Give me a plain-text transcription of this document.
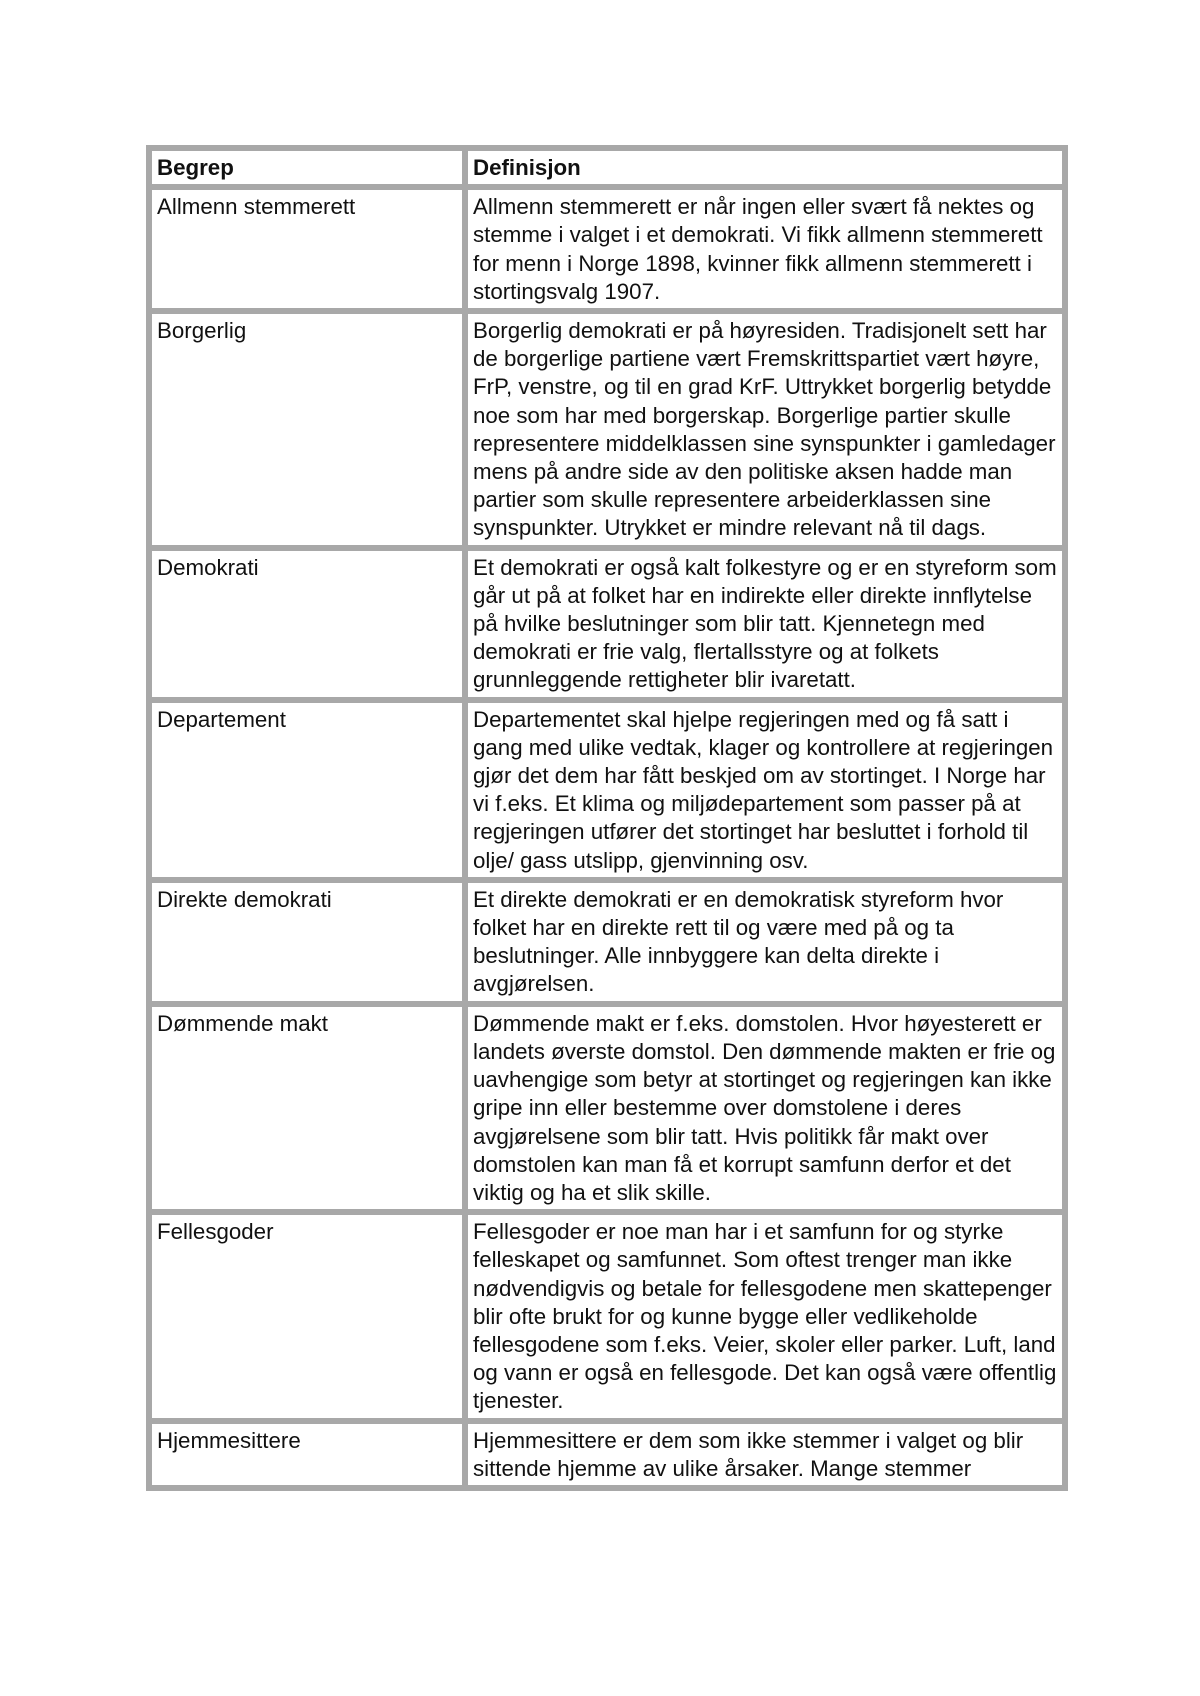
Begrep	Definisjon
Allmenn stemmerett	Allmenn stemmerett er når ingen eller svært få nektes og stemme i valget i et demokrati. Vi fikk allmenn stemmerett for menn i Norge 1898, kvinner fikk allmenn stemmerett i stortingsvalg 1907.
Borgerlig	Borgerlig demokrati er på høyresiden. Tradisjonelt sett har de borgerlige partiene vært Fremskrittspartiet vært høyre, FrP, venstre, og til en grad KrF. Uttrykket borgerlig betydde noe som har med borgerskap. Borgerlige partier skulle representere middelklassen sine synspunkter i gamledager mens på andre side av den politiske aksen hadde man partier som skulle representere arbeiderklassen sine synspunkter. Utrykket er mindre relevant nå til dags.
Demokrati	Et demokrati er også kalt folkestyre og er en styreform som går ut på at folket har en indirekte eller direkte innflytelse på hvilke beslutninger som blir tatt. Kjennetegn med demokrati er frie valg, flertallsstyre og at folkets grunnleggende rettigheter blir ivaretatt.
Departement	Departementet skal hjelpe regjeringen med og få satt i gang med ulike vedtak, klager og kontrollere at regjeringen gjør det dem har fått beskjed om av stortinget. I Norge har vi f.eks. Et klima og miljødepartement som passer på at regjeringen utfører det stortinget har besluttet i forhold til olje/ gass utslipp, gjenvinning osv.
Direkte demokrati	Et direkte demokrati er en demokratisk styreform hvor folket har en direkte rett til og være med på og ta beslutninger. Alle innbyggere kan delta direkte i avgjørelsen.
Dømmende makt	Dømmende makt er f.eks. domstolen. Hvor høyesterett er landets øverste domstol. Den dømmende makten er frie og uavhengige som betyr at stortinget og regjeringen kan ikke gripe inn eller bestemme over domstolene i deres avgjørelsene som blir tatt. Hvis politikk får makt over domstolen kan man få et korrupt samfunn derfor et det viktig og ha et slik skille.
Fellesgoder	Fellesgoder er noe man har i et samfunn for og styrke felleskapet og samfunnet. Som oftest trenger man ikke nødvendigvis og betale for fellesgodene men skattepenger blir ofte brukt for og kunne bygge eller vedlikeholde fellesgodene som f.eks. Veier, skoler eller parker. Luft, land og vann er også en fellesgode. Det kan også være offentlig tjenester.
Hjemmesittere	Hjemmesittere er dem som ikke stemmer i valget og blir sittende hjemme av ulike årsaker. Mange stemmer
